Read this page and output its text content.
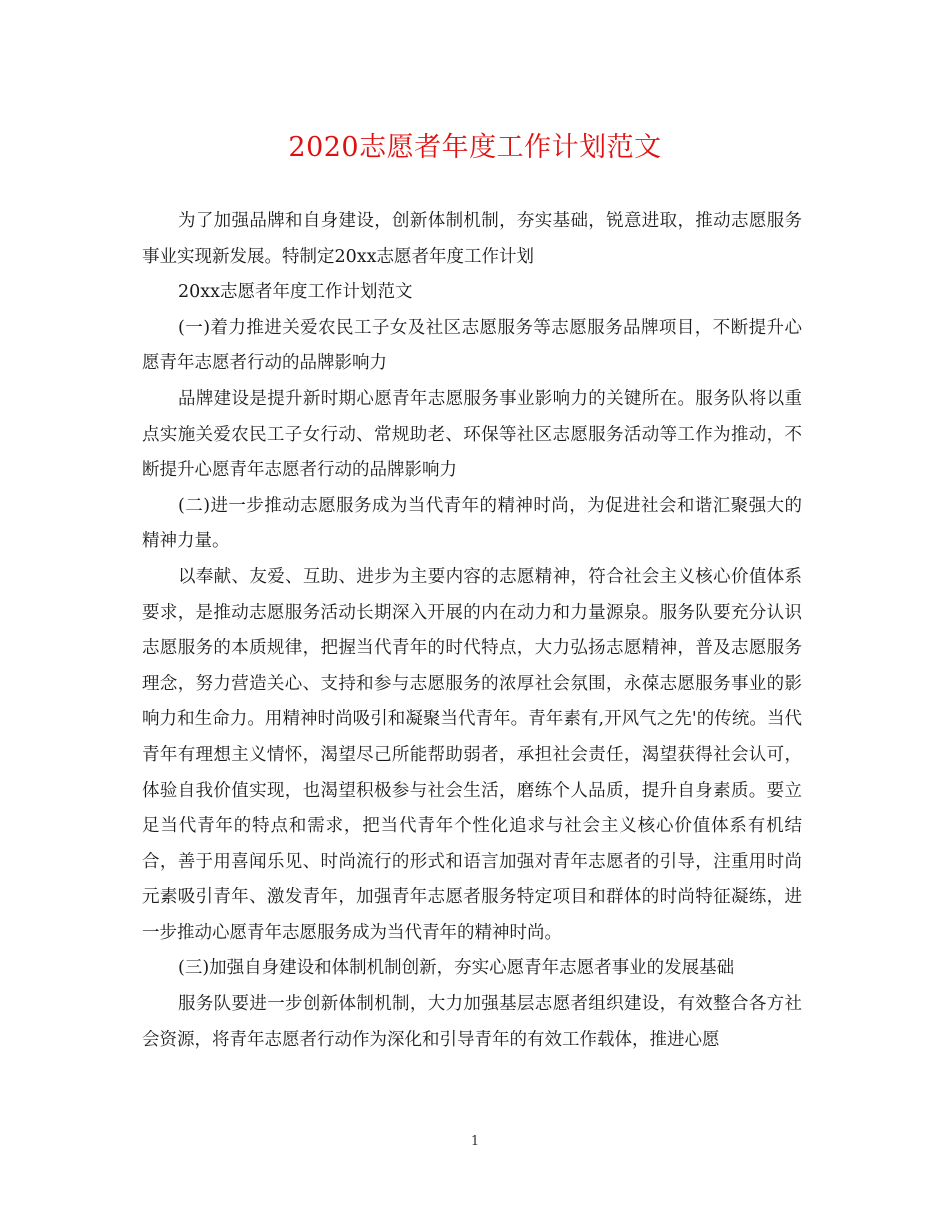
2020志愿者年度工作计划范文

为了加强品牌和自身建设，创新体制机制，夯实基础，锐意进取，推动志愿服务事业实现新发展。特制定20xx志愿者年度工作计划

20xx志愿者年度工作计划范文

(一)着力推进关爱农民工子女及社区志愿服务等志愿服务品牌项目，不断提升心愿青年志愿者行动的品牌影响力

品牌建设是提升新时期心愿青年志愿服务事业影响力的关键所在。服务队将以重点实施关爱农民工子女行动、常规助老、环保等社区志愿服务活动等工作为推动，不断提升心愿青年志愿者行动的品牌影响力

(二)进一步推动志愿服务成为当代青年的精神时尚，为促进社会和谐汇聚强大的精神力量。

以奉献、友爱、互助、进步为主要内容的志愿精神，符合社会主义核心价值体系要求，是推动志愿服务活动长期深入开展的内在动力和力量源泉。服务队要充分认识志愿服务的本质规律，把握当代青年的时代特点，大力弘扬志愿精神，普及志愿服务理念，努力营造关心、支持和参与志愿服务的浓厚社会氛围，永葆志愿服务事业的影响力和生命力。用精神时尚吸引和凝聚当代青年。青年素有,开风气之先'的传统。当代青年有理想主义情怀，渴望尽己所能帮助弱者，承担社会责任，渴望获得社会认可，体验自我价值实现，也渴望积极参与社会生活，磨练个人品质，提升自身素质。要立足当代青年的特点和需求，把当代青年个性化追求与社会主义核心价值体系有机结合，善于用喜闻乐见、时尚流行的形式和语言加强对青年志愿者的引导，注重用时尚元素吸引青年、激发青年，加强青年志愿者服务特定项目和群体的时尚特征凝练，进一步推动心愿青年志愿服务成为当代青年的精神时尚。

(三)加强自身建设和体制机制创新，夯实心愿青年志愿者事业的发展基础

服务队要进一步创新体制机制，大力加强基层志愿者组织建设，有效整合各方社会资源，将青年志愿者行动作为深化和引导青年的有效工作载体，推进心愿

1
